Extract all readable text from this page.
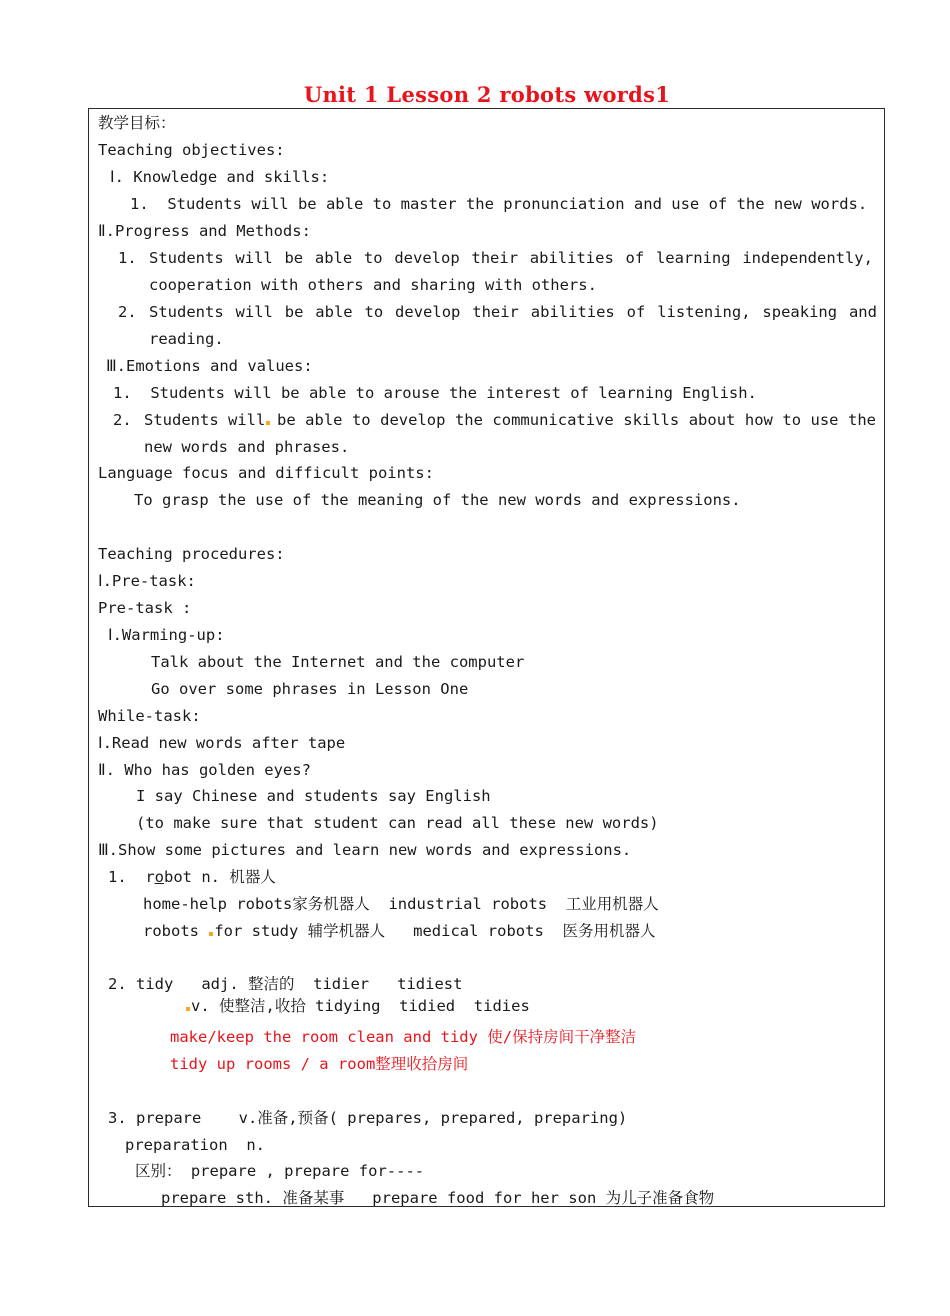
Unit 1 Lesson 2 robots words1
教学目标：
Teaching objectives:
Ⅰ. Knowledge and skills:
1.  Students will be able to master the pronunciation and use of the new words.
Ⅱ.Progress and Methods:
1. Students will be able to develop their abilities of learning independently,
cooperation with others and sharing with others.
2. Students will be able to develop their abilities of listening, speaking and
reading.
Ⅲ.Emotions and values:
1.  Students will be able to arouse the interest of learning English.
2. Students will be able to develop the communicative skills about how to use the
new words and phrases.
Language focus and difficult points:
To grasp the use of the meaning of the new words and expressions.
Teaching procedures:
Ⅰ.Pre-task:
Pre-task :
Ⅰ.Warming-up:
Talk about the Internet and the computer
Go over some phrases in Lesson One
While-task:
Ⅰ.Read new words after tape
Ⅱ. Who has golden eyes?
I say Chinese and students say English
(to make sure that student can read all these new words)
Ⅲ.Show some pictures and learn new words and expressions.
1.  robot n. 机器人
home-help robots家务机器人  industrial robots  工业用机器人
robots for study 辅学机器人   medical robots  医务用机器人
2. tidy   adj. 整洁的  tidier   tidiest
v. 使整洁,收拾 tidying  tidied  tidies
make/keep the room clean and tidy 使/保持房间干净整洁
tidy up rooms / a room整理收拾房间
3. prepare    v.准备,预备( prepares, prepared, preparing)
preparation  n.
区别： prepare , prepare for----
prepare sth. 准备某事   prepare food for her son 为儿子准备食物
